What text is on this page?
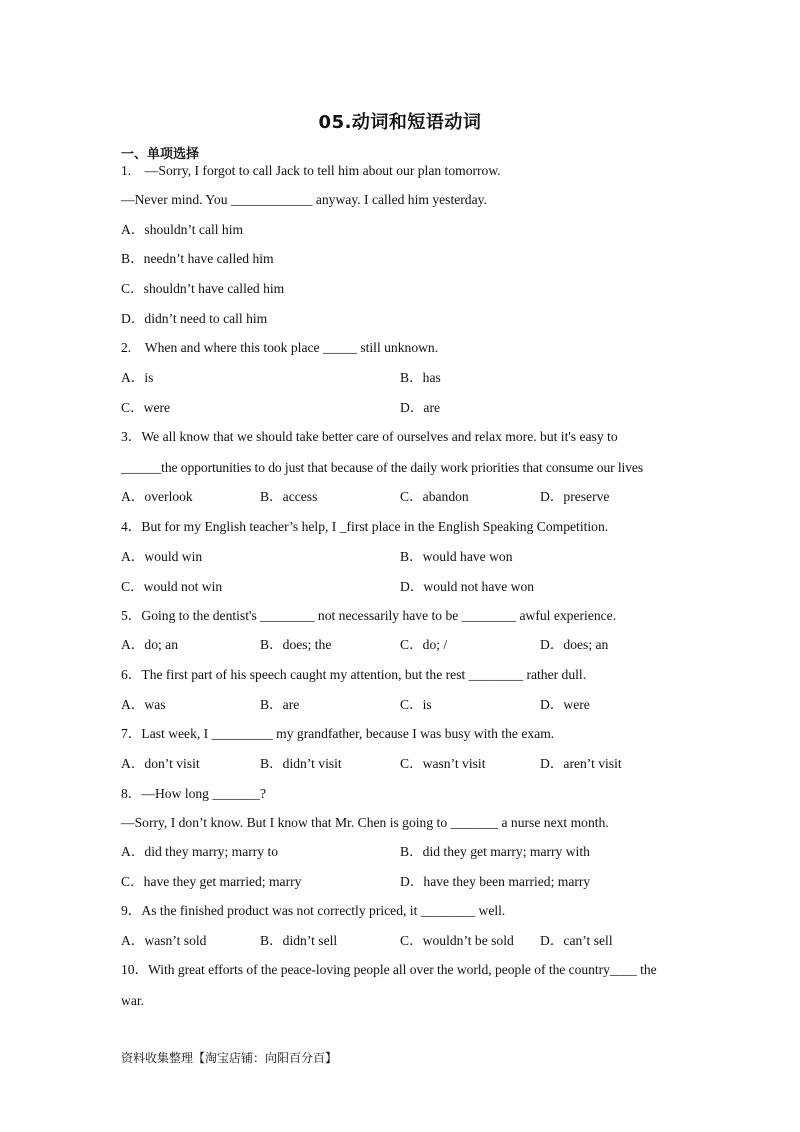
05.动词和短语动词
一、单项选择
1.　—Sorry, I forgot to call Jack to tell him about our plan tomorrow.
—Never mind. You ____________ anyway. I called him yesterday.
A．shouldn’t call him
B．needn’t have called him
C．shouldn’t have called him
D．didn’t need to call him
2.　When and where this took place _____ still unknown.
A．is	B．has
C．were	D．are
3．We all know that we should take better care of ourselves and relax more. but it's easy to
______the opportunities to do just that because of the daily work priorities that consume our lives
A．overlook	B．access	C．abandon	D．preserve
4．But for my English teacher’s help, I _first place in the English Speaking Competition.
A．would win	B．would have won
C．would not win	D．would not have won
5．Going to the dentist's ________ not necessarily have to be ________ awful experience.
A．do; an	B．does; the	C．do; /	D．does; an
6．The first part of his speech caught my attention, but the rest ________ rather dull.
A．was	B．are	C．is	D．were
7．Last week, I _________ my grandfather, because I was busy with the exam.
A．don’t visit	B．didn’t visit	C．wasn’t visit	D．aren’t visit
8．—How long _______?
—Sorry, I don’t know. But I know that Mr. Chen is going to _______ a nurse next month.
A．did they marry; marry to	B．did they get marry; marry with
C．have they get married; marry	D．have they been married; marry
9．As the finished product was not correctly priced, it ________ well.
A．wasn’t sold	B．didn’t sell	C．wouldn’t be sold D．can’t sell
10．With great efforts of the peace-loving people all over the world, people of the country____ the
war.
资料收集整理【淘宝店铺：向阳百分百】
